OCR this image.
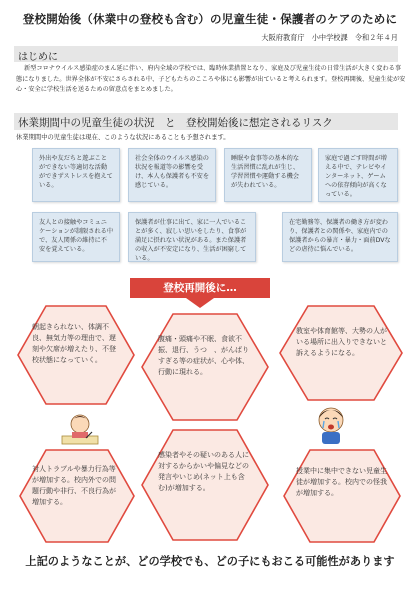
登校開始後（休業中の登校も含む）の児童生徒・保護者のケアのために
大阪府教育庁　小中学校課　令和２年４月
はじめに
新型コロナウイルス感染症のまん延に伴い、府内全域の学校では、臨時休業措置となり、家庭及び児童生徒の日常生活が大きく変わる事態になりました。世界全体が不安にさらされる中、子どもたちのこころや体にも影響が出ていると考えられます。登校再開後、児童生徒が安心・安全に学校生活を送るための留意点をまとめました。
休業期間中の児童生徒の状況　と　登校開始後に想定されるリスク
休業期間中の児童生徒は現在、このような状況にあることも予想されます。
外出や友だちと遊ぶことができない等適切な活動ができずストレスを抱えている。
社会全体のウイルス感染の状況を報道等の影響を受け、本人も保護者も不安を感じている。
睡眠や食事等の基本的な生活習慣に乱れが生じ、学習習慣や運動する機会が失われている。
家庭で過ごす時間が増える中で、テレビやインターネット、ゲームへの依存傾向が高くなっている。
友人との接触やコミュニケーションが制限される中で、友人関係の維持に不安を覚えている。
保護者が仕事に出て、家に一人でいることが多く、寂しい思いをしたり、食事が満足に摂れない状況がある。また保護者の収入が不安定になり、生活が困窮している。
在宅勤務等、保護者の働き方が変わり、保護者との関係や、家庭内での保護者からの暴言・暴力・面前DVなどの虐待に悩んでいる。
登校再開後に…
朝起きられない、体調不良、無気力等の理由で、遅刻や欠席が増えたり、不登校状態になっていく。
腹痛・頭痛や不眠、食欲不振、退行、うつ　、がんばりすぎる等の症状が、心や体、行動に現れる。
教室や体育館等、大勢の人がいる場所に出入りできないと訴えるようになる。
対人トラブルや暴力行為等が増加する。校内外での問題行動や非行、不良行為が増加する。
感染者やその疑いのある人に対するからかいや偏見などの発言やいじめ(ネット上も含む)が増加する。
授業中に集中できない児童生徒が増加する。校内での怪我が増加する。
上記のようなことが、どの学校でも、どの子にもおこる可能性があります
